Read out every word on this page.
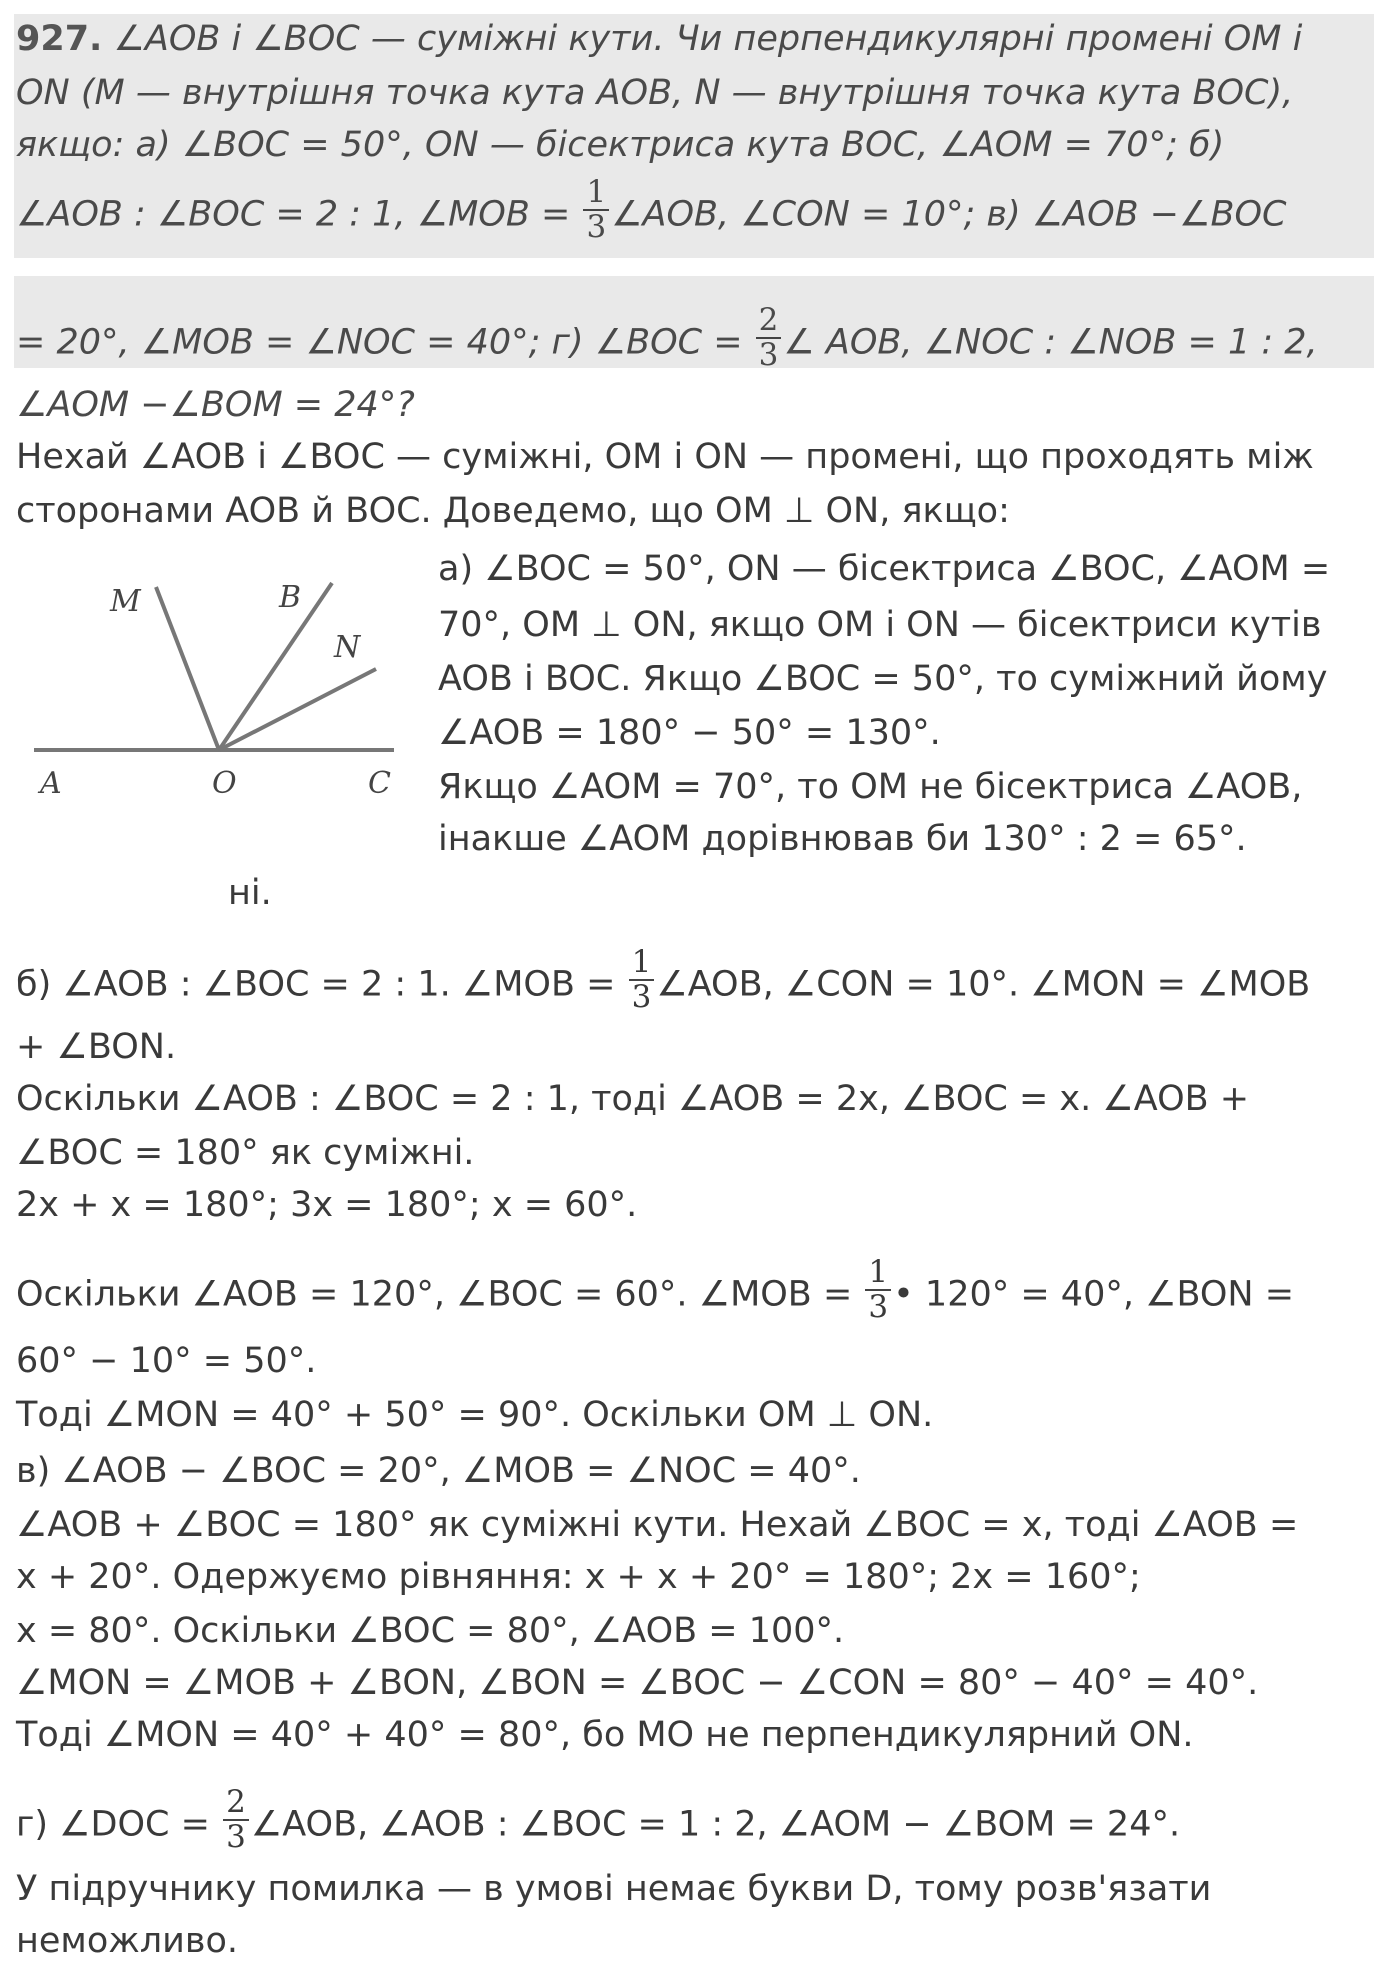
927. ∠AOB і ∠BOC — суміжні кути. Чи перпендикулярні промені OM і
ON (M — внутрішня точка кута AOB, N — внутрішня точка кута BOC),
якщо: а) ∠BOC = 50°, ON — бісектриса кута BOC, ∠AOM = 70°; б)
∠AOB : ∠BOC = 2 : 1, ∠MOB = $\frac{1}{3}$ ∠AOB, ∠CON = 10°; в) ∠AOB −∠BOC
= 20°, ∠MOB = ∠NOC = 40°; г) ∠BOC = $\frac{2}{3}$ ∠ AOB, ∠NOC : ∠NOB = 1 : 2,
∠AOM −∠BOM = 24°?
Нехай ∠AOB і ∠BOC — суміжні, OM і ON — промені, що проходять між
сторонами AOB й BOC. Доведемо, що OM ⊥ ON, якщо:
M	B
N
A	O	C
а) ∠BOC = 50°, ON — бісектриса ∠BOC, ∠AOM =
70°, OM ⊥ ON, якщо OM і ON — бісектриси кутів
AOB і BOC. Якщо ∠BOC = 50°, то суміжний йому
∠AOB = 180° − 50° = 130°.
Якщо ∠AOM = 70°, то OM не бісектриса ∠AOB,
інакше ∠AOM дорівнював би 130° : 2 = 65°.
ні.
б) ∠AOB : ∠BOC = 2 : 1. ∠MOB = $\frac{1}{3}$ ∠AOB, ∠CON = 10°. ∠MON = ∠MOB
+ ∠BON.
Оскільки ∠AOB : ∠BOC = 2 : 1, тоді ∠AOB = 2x, ∠BOC = x. ∠AOB +
∠BOC = 180° як суміжні.
2x + x = 180°; 3x = 180°; x = 60°.
Оскільки ∠AOB = 120°, ∠BOC = 60°. ∠MOB = $\frac{1}{3}$ • 120° = 40°, ∠BON =
60° − 10° = 50°.
Тоді ∠MON = 40° + 50° = 90°. Оскільки OM ⊥ ON.
в) ∠AOB − ∠BOC = 20°, ∠MOB = ∠NOC = 40°.
∠AOB + ∠BOC = 180° як суміжні кути. Нехай ∠BOC = x, тоді ∠AOB =
x + 20°. Одержуємо рівняння: x + x + 20° = 180°; 2x = 160°;
x = 80°. Оскільки ∠BOC = 80°, ∠AOB = 100°.
∠MON = ∠MOB + ∠BON, ∠BON = ∠BOC − ∠CON = 80° − 40° = 40°.
Тоді ∠MON = 40° + 40° = 80°, бо MO не перпендикулярний ON.
г) ∠DOC = $\frac{2}{3}$ ∠AOB, ∠AOB : ∠BOC = 1 : 2, ∠AOM − ∠BOM = 24°.
У підручнику помилка — в умові немає букви D, тому розв'язати
неможливо.
